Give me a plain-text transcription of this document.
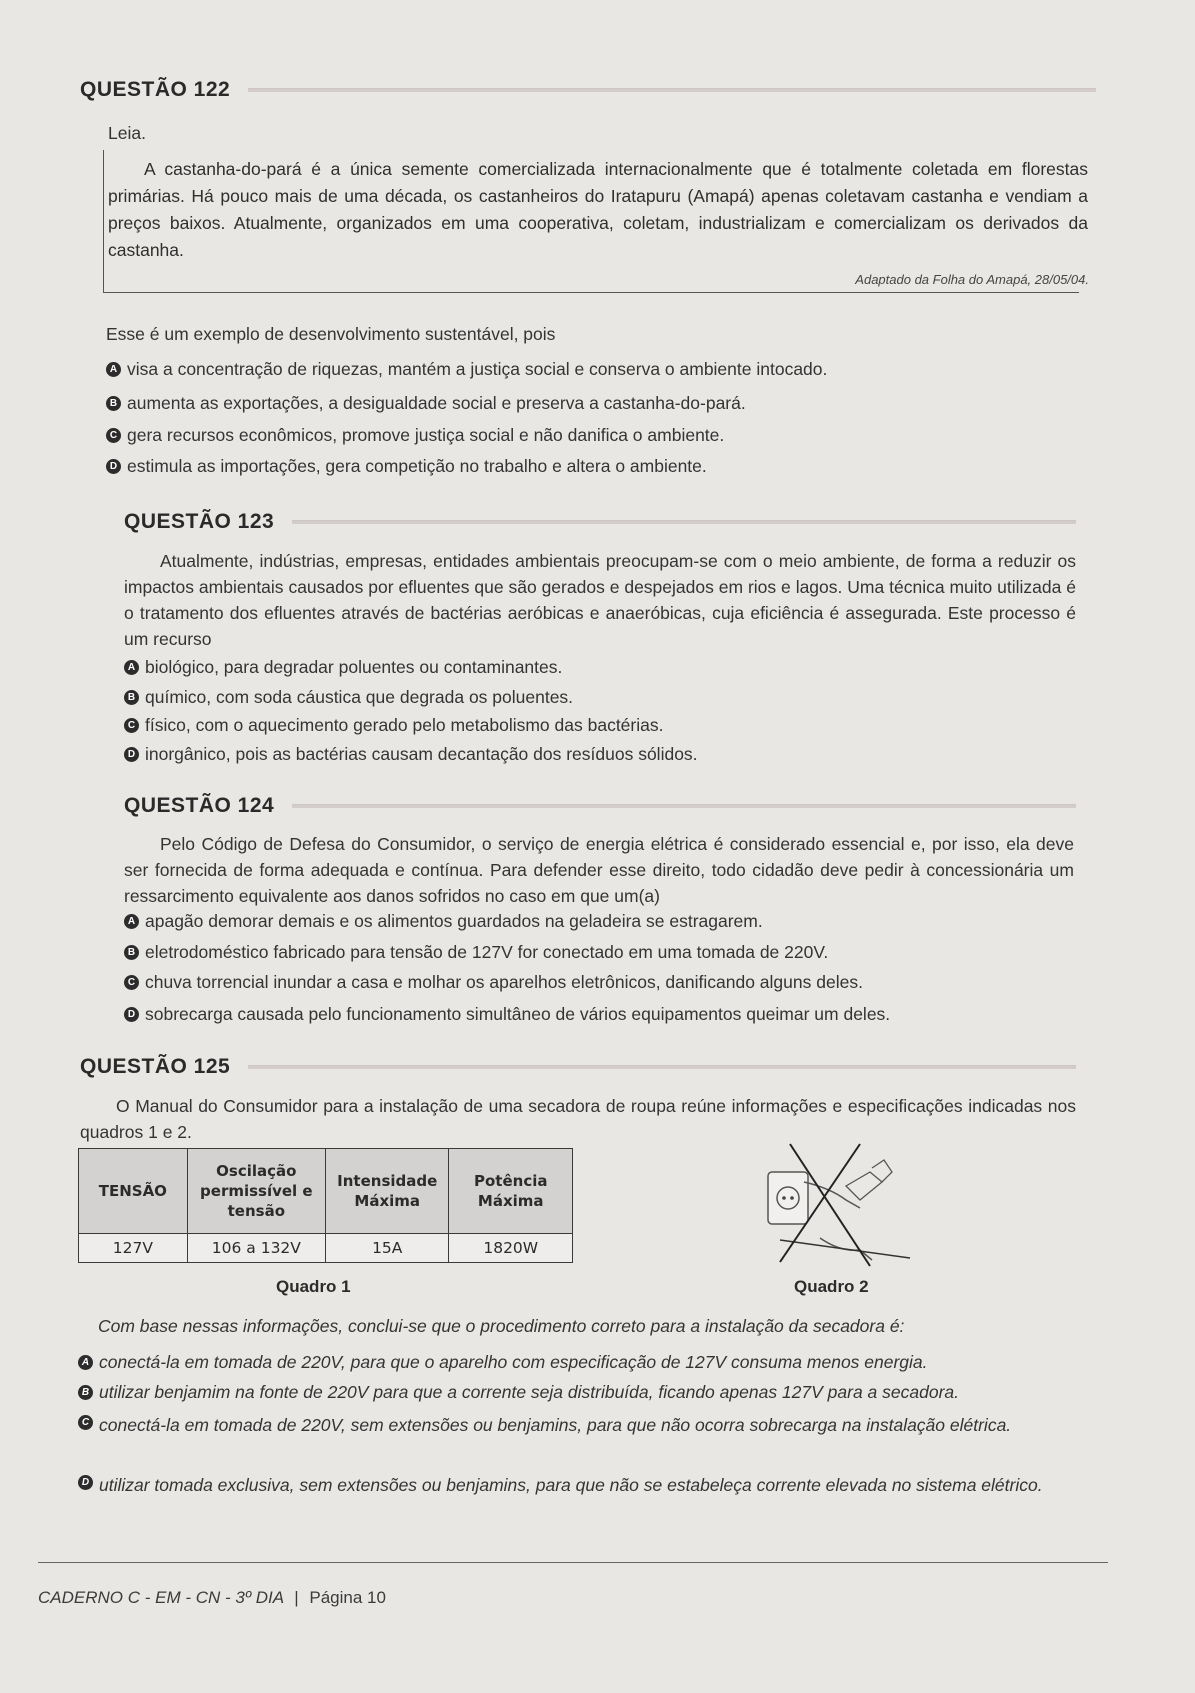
QUESTÃO 122
Leia.
A castanha-do-pará é a única semente comercializada internacionalmente que é totalmente coletada em florestas primárias. Há pouco mais de uma década, os castanheiros do Iratapuru (Amapá) apenas coletavam castanha e vendiam a preços baixos. Atualmente, organizados em uma cooperativa, coletam, industrializam e comercializam os derivados da castanha.
Adaptado da Folha do Amapá, 28/05/04.
Esse é um exemplo de desenvolvimento sustentável, pois
A visa a concentração de riquezas, mantém a justiça social e conserva o ambiente intocado.
B aumenta as exportações, a desigualdade social e preserva a castanha-do-pará.
C gera recursos econômicos, promove justiça social e não danifica o ambiente.
D estimula as importações, gera competição no trabalho e altera o ambiente.
QUESTÃO 123
Atualmente, indústrias, empresas, entidades ambientais preocupam-se com o meio ambiente, de forma a reduzir os impactos ambientais causados por efluentes que são gerados e despejados em rios e lagos. Uma técnica muito utilizada é o tratamento dos efluentes através de bactérias aeróbicas e anaeróbicas, cuja eficiência é assegurada. Este processo é um recurso
A biológico, para degradar poluentes ou contaminantes.
B químico, com soda cáustica que degrada os poluentes.
C físico, com o aquecimento gerado pelo metabolismo das bactérias.
D inorgânico, pois as bactérias causam decantação dos resíduos sólidos.
QUESTÃO 124
Pelo Código de Defesa do Consumidor, o serviço de energia elétrica é considerado essencial e, por isso, ela deve ser fornecida de forma adequada e contínua. Para defender esse direito, todo cidadão deve pedir à concessionária um ressarcimento equivalente aos danos sofridos no caso em que um(a)
A apagão demorar demais e os alimentos guardados na geladeira se estragarem.
B eletrodoméstico fabricado para tensão de 127V for conectado em uma tomada de 220V.
C chuva torrencial inundar a casa e molhar os aparelhos eletrônicos, danificando alguns deles.
D sobrecarga causada pelo funcionamento simultâneo de vários equipamentos queimar um deles.
QUESTÃO 125
O Manual do Consumidor para a instalação de uma secadora de roupa reúne informações e especificações indicadas nos quadros 1 e 2.
TENSÃO	Oscilação permissível e tensão	Intensidade Máxima	Potência Máxima
127V	106 a 132V	15A	1820W
Quadro 1	Quadro 2
Com base nessas informações, conclui-se que o procedimento correto para a instalação da secadora é:
A conectá-la em tomada de 220V, para que o aparelho com especificação de 127V consuma menos energia.
B utilizar benjamim na fonte de 220V para que a corrente seja distribuída, ficando apenas 127V para a secadora.
C conectá-la em tomada de 220V, sem extensões ou benjamins, para que não ocorra sobrecarga na instalação elétrica.
D utilizar tomada exclusiva, sem extensões ou benjamins, para que não se estabeleça corrente elevada no sistema elétrico.
CADERNO C - EM - CN - 3º DIA | Página 10
